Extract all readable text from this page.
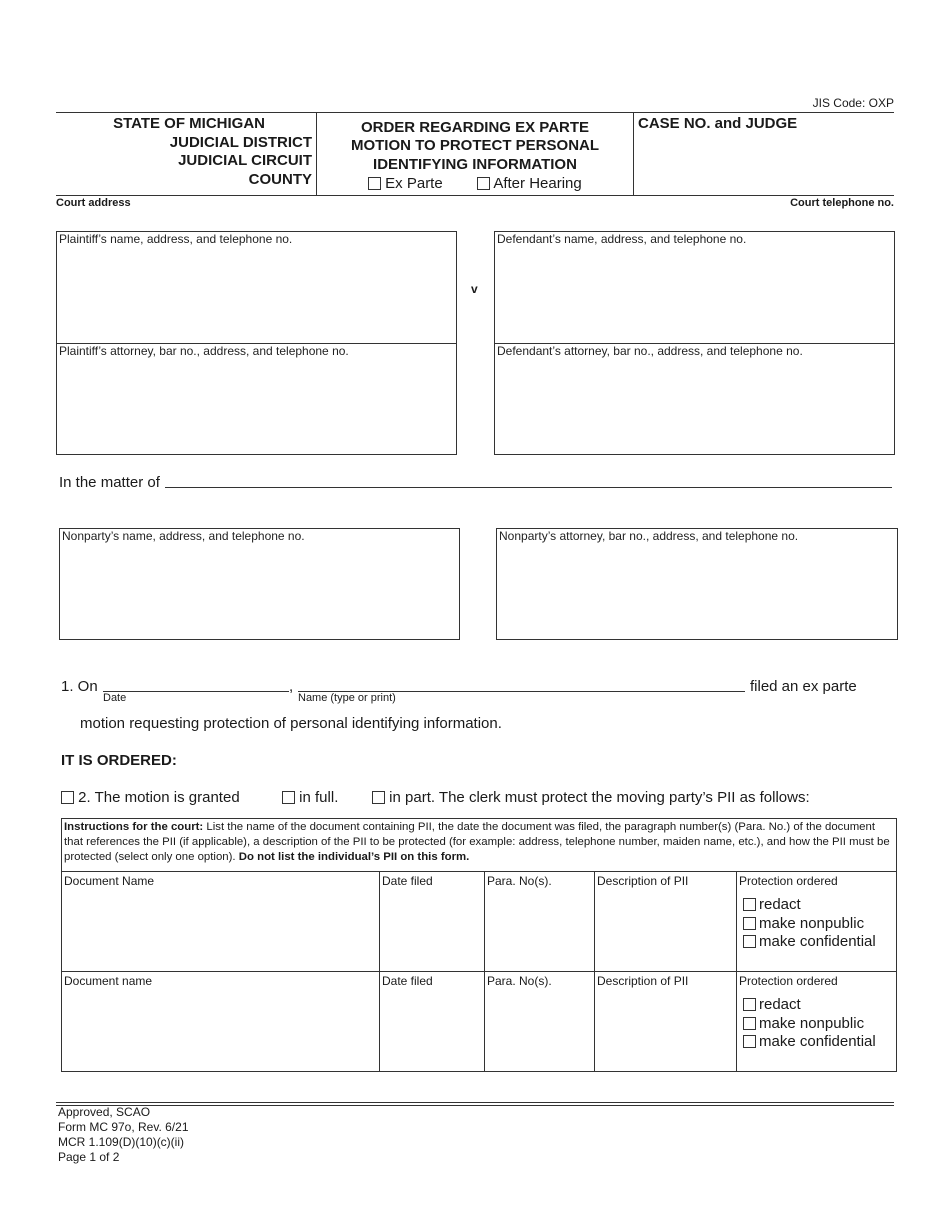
JIS Code: OXP
STATE OF MICHIGAN
JUDICIAL DISTRICT
JUDICIAL CIRCUIT
COUNTY
ORDER REGARDING EX PARTE
MOTION TO PROTECT PERSONAL
IDENTIFYING INFORMATION
Ex Parte	After Hearing
CASE NO. and JUDGE
Court address	Court telephone no.
Plaintiff’s name, address, and telephone no.
Plaintiff’s attorney, bar no., address, and telephone no.
v
Defendant’s name, address, and telephone no.
Defendant’s attorney, bar no., address, and telephone no.
In the matter of
Nonparty’s name, address, and telephone no.	Nonparty’s attorney, bar no., address, and telephone no.
1. On
Date
,
Name (type or print)
filed an ex parte
motion requesting protection of personal identifying information.
IT IS ORDERED:
2. The motion is granted	in full.	in part. The clerk must protect the moving party’s PII as follows:
Instructions for the court: List the name of the document containing PII, the date the document was filed, the paragraph number(s) (Para. No.) of the document that references the PII (if applicable), a description of the PII to be protected (for example: address, telephone number, maiden name, etc.), and how the PII must be protected (select only one option). Do not list the individual’s PII on this form.				
Document Name	Date filed	Para. No(s).	Description of PII	Protection ordered
redact
make nonpublic
make confidential

Document name	Date filed	Para. No(s).	Description of PII	Protection ordered
redact
make nonpublic
make confidential
Approved, SCAO
Form MC 97o, Rev. 6/21
MCR 1.109(D)(10)(c)(ii)
Page 1 of 2
